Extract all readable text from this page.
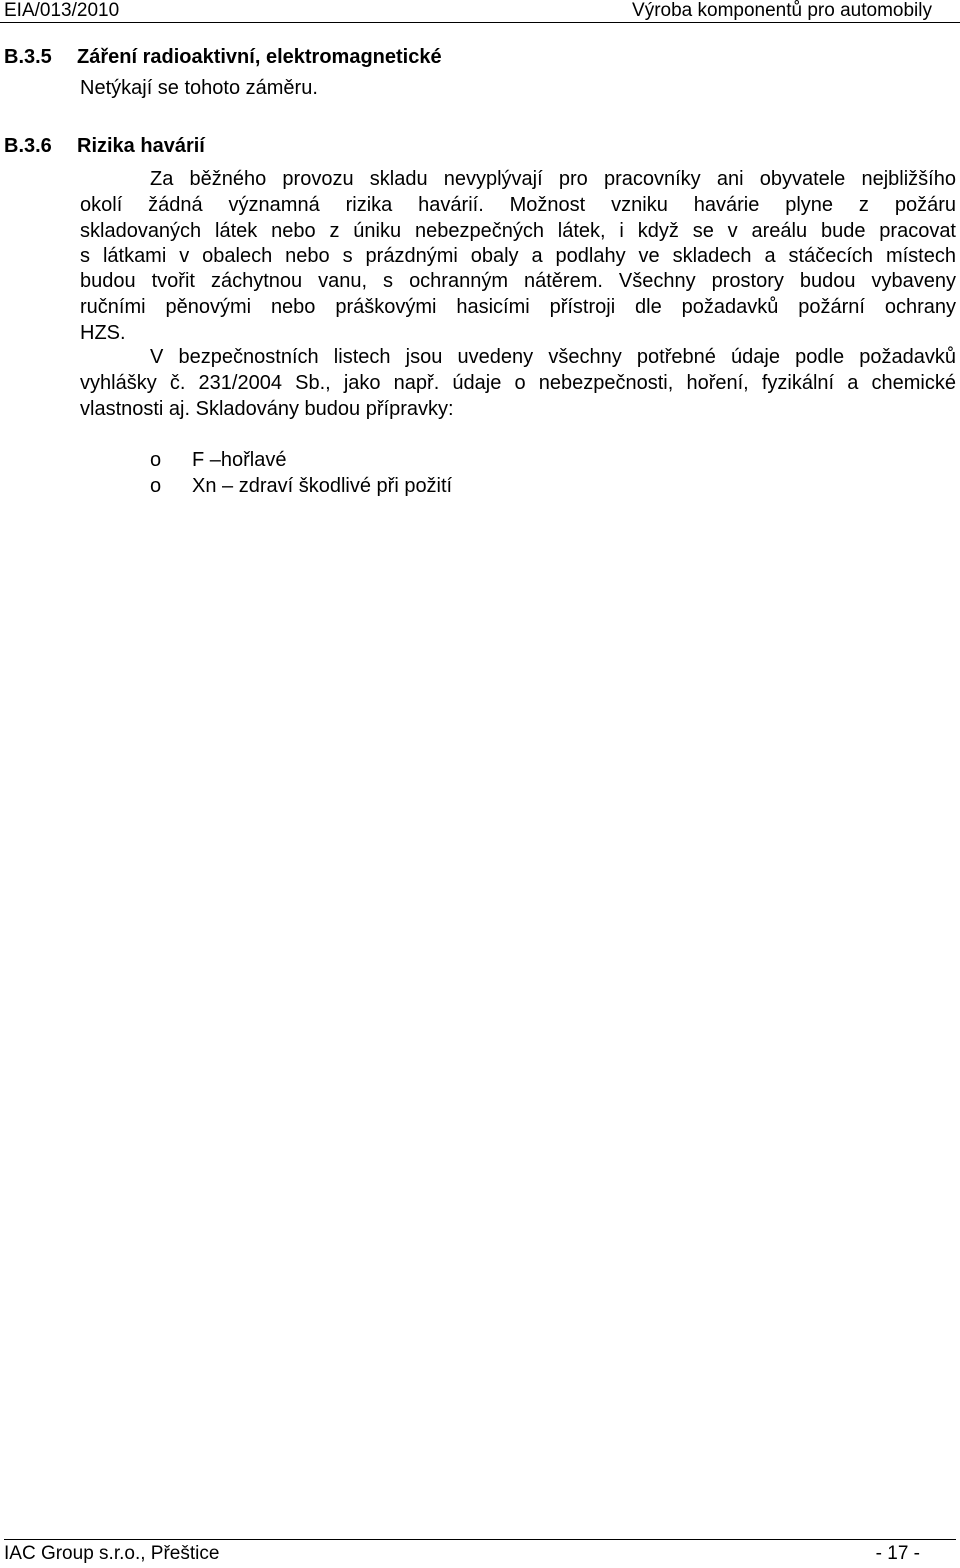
EIA/013/2010	Výroba komponentů pro automobily
B.3.5 Záření radioaktivní, elektromagnetické
Netýkají se tohoto záměru.
B.3.6 Rizika havárií
Za běžného provozu skladu nevyplývají pro pracovníky ani obyvatele nejbližšího
okolí žádná významná rizika havárií. Možnost vzniku havárie plyne z požáru
skladovaných látek nebo z úniku nebezpečných látek, i když se v areálu bude pracovat
s látkami v obalech nebo s prázdnými obaly a podlahy ve skladech a stáčecích místech
budou tvořit záchytnou vanu, s ochranným nátěrem. Všechny prostory budou vybaveny
ručními pěnovými nebo práškovými hasicími přístroji dle požadavků požární ochrany
HZS.
V bezpečnostních listech jsou uvedeny všechny potřebné údaje podle požadavků
vyhlášky č. 231/2004 Sb., jako např. údaje o nebezpečnosti, hoření, fyzikální a chemické
vlastnosti aj. Skladovány budou přípravky:
o F –hořlavé
o Xn – zdraví škodlivé při požití
IAC Group s.r.o., Přeštice	- 17 -
